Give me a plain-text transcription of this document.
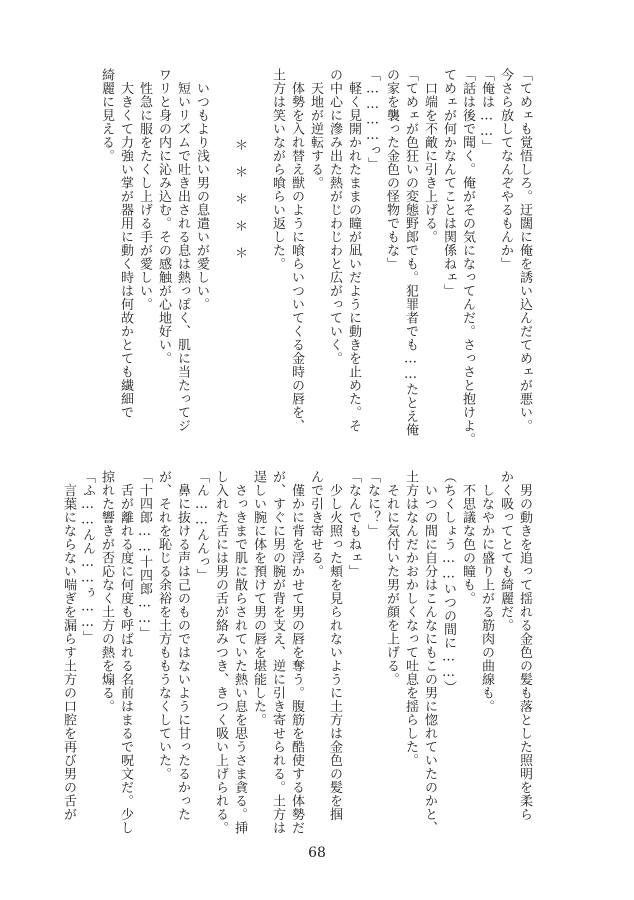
「てめェも覚悟しろ。迂闊に俺を誘い込んだてめェが悪い。
今さら放してなんぞやるもんか」
「俺は……」
「話は後で聞く。俺がその気になってんだ。さっさと抱けよ。
てめェが何かなんてことは関係ねェ」
　口端を不敵に引き上げる。
「てめェが色狂いの変態野郎でも。犯罪者でも……たとえ俺
の家を襲った金色の怪物でもな」
「…………っ」
　軽く見開かれたままの瞳が凪いだように動きを止めた。そ
の中心に滲み出た熱がじわじわと広がっていく。
　天地が逆転する。
　体勢を入れ替え獣のように喰らいついてくる金時の唇を、
土方は笑いながら喰らい返した。

＊＊＊＊＊

　いつもより浅い男の息遣いが愛しい。
　短いリズムで吐き出される息は熱っぽく、肌に当たってジ
ワリと身の内に沁み込む。その感触が心地好い。
　性急に服をたくし上げる手が愛しい。
　大きくて力強い掌が器用に動く時は何故かとても繊細で
綺麗に見える。
　男の動きを追って揺れる金色の髪も落とした照明を柔ら
かく吸ってとても綺麗だ。
　しなやかに盛り上がる筋肉の曲線も。
　不思議な色の瞳も。
（ちくしょう……いつの間に……）
　いつの間に自分はこんなにもこの男に惚れていたのかと、
土方はなんだかおかしくなって吐息を揺らした。
　それに気付いた男が顔を上げる。
「なに？」
「なんでもねェ」
　少し火照った頬を見られないように土方は金色の髪を掴
んで引き寄せる。
　僅かに背を浮かせて男の唇を奪う。腹筋を酷使する体勢だ
が、すぐに男の腕が背を支え、逆に引き寄せられる。土方は
逞しい腕に体を預けて男の唇を堪能した。
　さっきまで肌に散らされていた熱い息を思うさま貪る。挿
し入れた舌には男の舌が絡みつき、きつく吸い上げられる。
「ん……んんっ」
　鼻に抜ける声は己のものではないように甘ったるかった
が、それを恥じる余裕を土方ももうなくしていた。
「十四郎……十四郎……」
　舌が離れる度に何度も呼ばれる名前はまるで呪文だ。少し
掠れた響きが否応なく土方の熱を煽る。
「ふ……んん……ぅ……」
　言葉にならない喘ぎを漏らす土方の口腔を再び男の舌が
68
